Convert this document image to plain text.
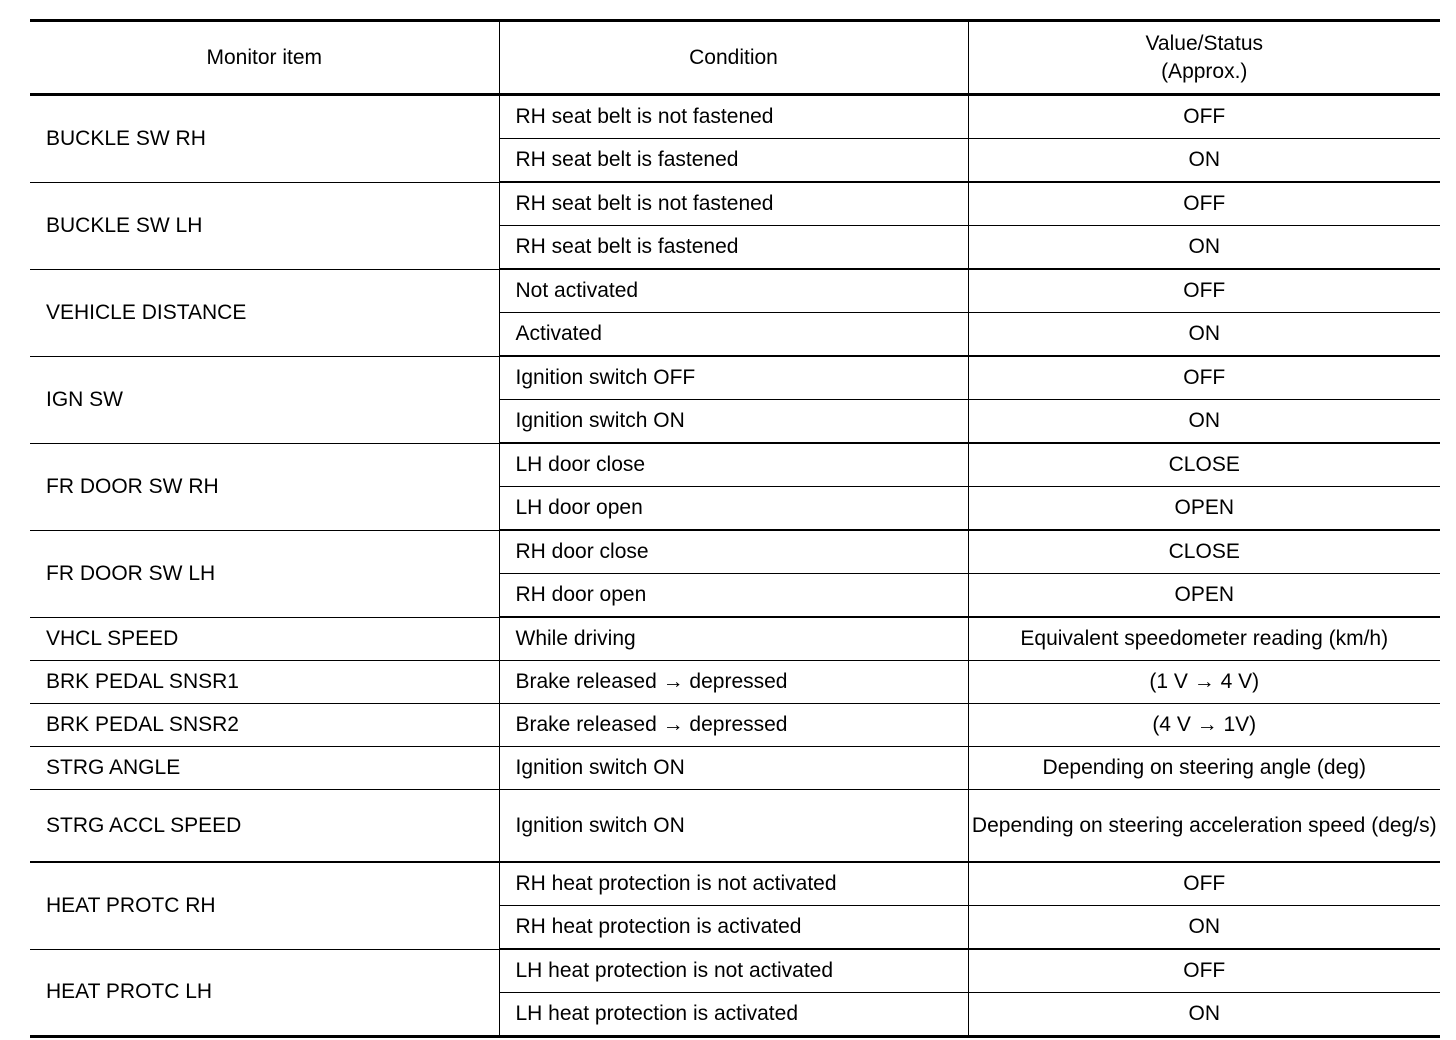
Monitor item	Condition	Value/Status
(Approx.)

BUCKLE SW RH	RH seat belt is not fastened	OFF
	RH seat belt is fastened	ON
BUCKLE SW LH	RH seat belt is not fastened	OFF
	RH seat belt is fastened	ON
VEHICLE DISTANCE	Not activated	OFF
	Activated	ON
IGN SW	Ignition switch OFF	OFF
	Ignition switch ON	ON
FR DOOR SW RH	LH door close	CLOSE
	LH door open	OPEN
FR DOOR SW LH	RH door close	CLOSE
	RH door open	OPEN
VHCL SPEED	While driving	Equivalent speedometer reading (km/h)
BRK PEDAL SNSR1	Brake released → depressed	(1 V → 4 V)
BRK PEDAL SNSR2	Brake released → depressed	(4 V → 1V)
STRG ANGLE	Ignition switch ON	Depending on steering angle (deg)
STRG ACCL SPEED	Ignition switch ON	Depending on steering acceleration speed (deg/s)
HEAT PROTC RH	RH heat protection is not activated	OFF
	RH heat protection is activated	ON
HEAT PROTC LH	LH heat protection is not activated	OFF
	LH heat protection is activated	ON
